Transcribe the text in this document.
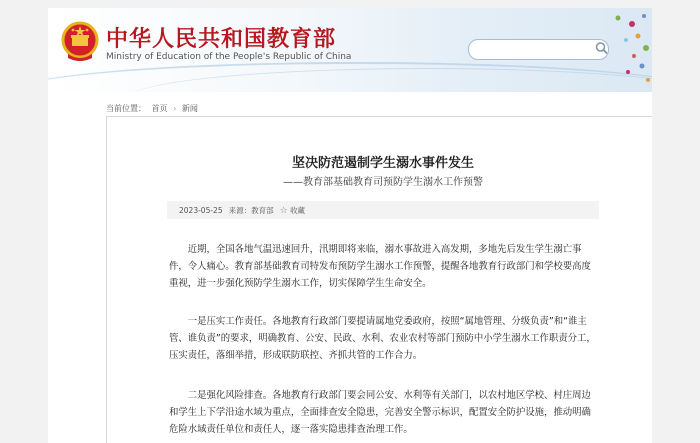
中华人民共和国教育部
Ministry of Education of the People's Republic of China
当前位置： 首页 › 新闻
坚决防范遏制学生溺水事件发生
——教育部基础教育司预防学生溺水工作预警
2023-05-25 来源：教育部 ☆ 收藏

近期，全国各地气温迅速回升，汛期即将来临，溺水事故进入高发期，多地先后发生学生溺亡事件，令人痛心。教育部基础教育司特发布预防学生溺水工作预警，提醒各地教育行政部门和学校要高度重视，进一步强化预防学生溺水工作，切实保障学生生命安全。

一是压实工作责任。各地教育行政部门要提请属地党委政府，按照“属地管理、分级负责”和“谁主管、谁负责”的要求，明确教育、公安、民政、水利、农业农村等部门预防中小学生溺水工作职责分工，压实责任，落细举措，形成联防联控、齐抓共管的工作合力。

二是强化风险排查。各地教育行政部门要会同公安、水利等有关部门，以农村地区学校、村庄周边和学生上下学沿途水域为重点，全面排查安全隐患，完善安全警示标识，配置安全防护设施，推动明确危险水域责任单位和责任人，逐一落实隐患排查治理工作。
